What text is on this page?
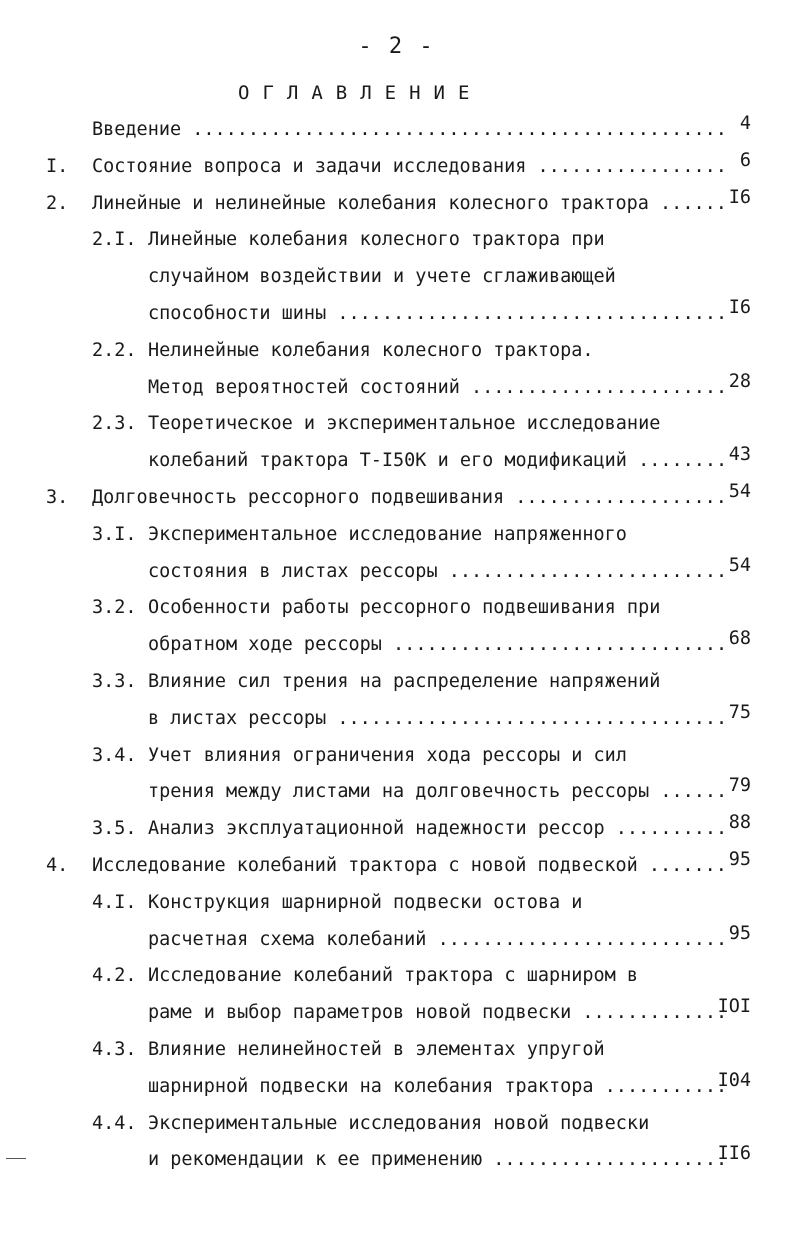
- 2 -
ОГЛАВЛЕНИЕ
Введение .....	4
I. Состояние вопроса и задачи исследования .....	6
2. Линейные и нелинейные колебания колесного трактора .....	I6
2.I. Линейные колебания колесного трактора при
случайном воздействии и учете сглаживающей
способности шины .....	I6
2.2. Нелинейные колебания колесного трактора.
Метод вероятностей состояний .....	28
2.3. Теоретическое и экспериментальное исследование
колебаний трактора Т-I50К и его модификаций .....	43
3. Долговечность рессорного подвешивания .....	54
3.I. Экспериментальное исследование напряженного
состояния в листах рессоры .....	54
3.2. Особенности работы рессорного подвешивания при
обратном ходе рессоры .....	68
3.3. Влияние сил трения на распределение напряжений
в листах рессоры .....	75
3.4. Учет влияния ограничения хода рессоры и сил
трения между листами на долговечность рессоры .....	79
3.5. Анализ эксплуатационной надежности рессор .....	88
4. Исследование колебаний трактора с новой подвеской .....	95
4.I. Конструкция шарнирной подвески остова и
расчетная схема колебаний .....	95
4.2. Исследование колебаний трактора с шарниром в
раме и выбор параметров новой подвески .....	IOI
4.3. Влияние нелинейностей в элементах упругой
шарнирной подвески на колебания трактора .....	I04
4.4. Экспериментальные исследования новой подвески
и рекомендации к ее применению .....	II6
